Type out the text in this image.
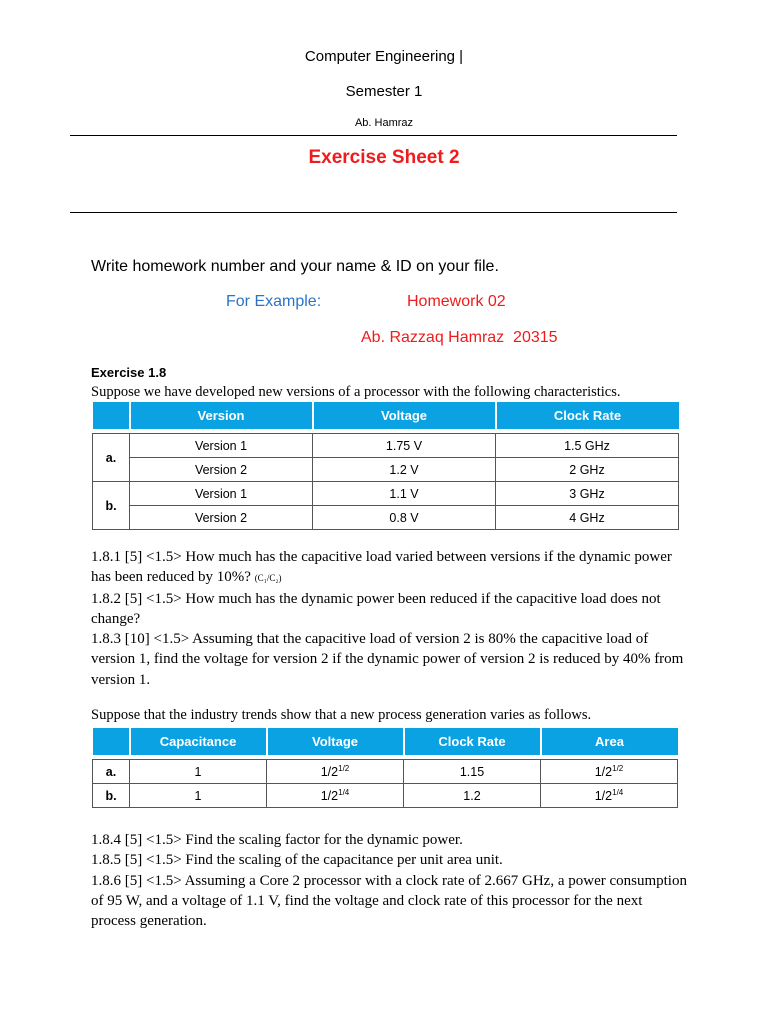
Computer Engineering |
Semester 1
Ab. Hamraz
Exercise Sheet 2
Write homework number and your name & ID on your file.
For Example:	Homework 02
Ab. Razzaq Hamraz  20315
Exercise 1.8
Suppose we have developed new versions of a processor with the following characteristics.
	Version	Voltage	Clock Rate

a.	Version 1	1.75 V	1.5 GHz
	Version 2	1.2 V	2 GHz
b.	Version 1	1.1 V	3 GHz
	Version 2	0.8 V	4 GHz

1.8.1 [5] <1.5> How much has the capacitive load varied between versions if the dynamic power has been reduced by 10%? (C₁/C₂)

1.8.2 [5] <1.5> How much has the dynamic power been reduced if the capacitive load does not change?

1.8.3 [10] <1.5> Assuming that the capacitive load of version 2 is 80% the capacitive load of version 1, find the voltage for version 2 if the dynamic power of version 2 is reduced by 40% from version 1.

Suppose that the industry trends show that a new process generation varies as follows.
	Capacitance	Voltage	Clock Rate	Area

a.	1	$1/2^{1/2}$	1.15	$1/2^{1/2}$
b.	1	$1/2^{1/4}$	1.2	$1/2^{1/4}$

1.8.4 [5] <1.5> Find the scaling factor for the dynamic power.

1.8.5 [5] <1.5> Find the scaling of the capacitance per unit area unit.

1.8.6 [5] <1.5> Assuming a Core 2 processor with a clock rate of 2.667 GHz, a power consumption of 95 W, and a voltage of 1.1 V, find the voltage and clock rate of this processor for the next process generation.
